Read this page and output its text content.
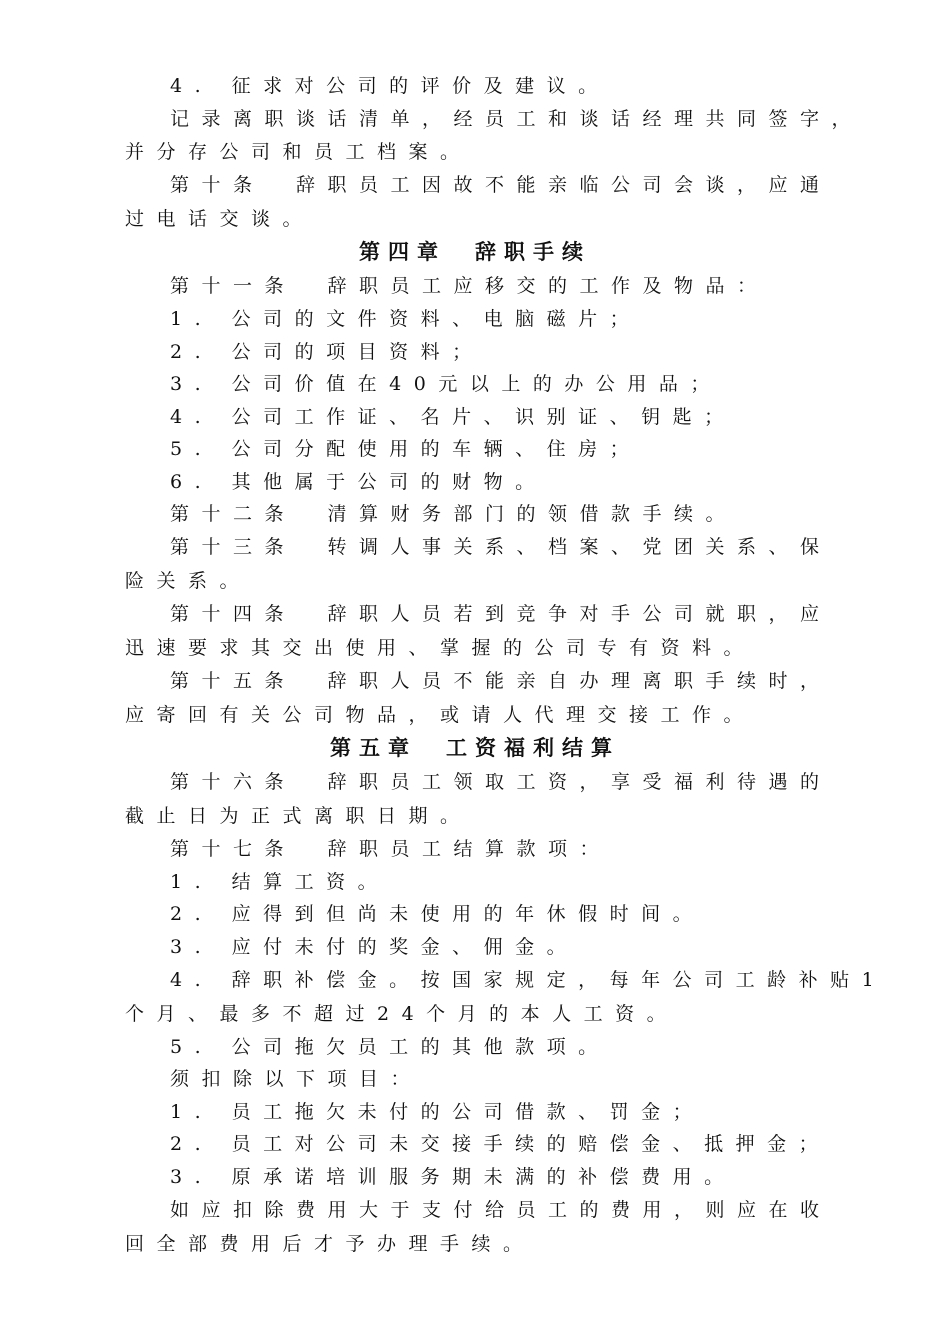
4. 征求对公司的评价及建议。
记录离职谈话清单，经员工和谈话经理共同签字，
并分存公司和员工档案。
第十条　辞职员工因故不能亲临公司会谈，应通
过电话交谈。
第四章　辞职手续
第十一条　辞职员工应移交的工作及物品：
1. 公司的文件资料、电脑磁片；
2. 公司的项目资料；
3. 公司价值在40元以上的办公用品；
4. 公司工作证、名片、识别证、钥匙；
5. 公司分配使用的车辆、住房；
6. 其他属于公司的财物。
第十二条　清算财务部门的领借款手续。
第十三条　转调人事关系、档案、党团关系、保
险关系。
第十四条　辞职人员若到竞争对手公司就职，应
迅速要求其交出使用、掌握的公司专有资料。
第十五条　辞职人员不能亲自办理离职手续时，
应寄回有关公司物品，或请人代理交接工作。
第五章　工资福利结算
第十六条　辞职员工领取工资，享受福利待遇的
截止日为正式离职日期。
第十七条　辞职员工结算款项：
1. 结算工资。
2. 应得到但尚未使用的年休假时间。
3. 应付未付的奖金、佣金。
4. 辞职补偿金。按国家规定，每年公司工龄补贴1
个月、最多不超过24个月的本人工资。
5. 公司拖欠员工的其他款项。
须扣除以下项目：
1. 员工拖欠未付的公司借款、罚金；
2. 员工对公司未交接手续的赔偿金、抵押金；
3. 原承诺培训服务期未满的补偿费用。
如应扣除费用大于支付给员工的费用，则应在收
回全部费用后才予办理手续。
